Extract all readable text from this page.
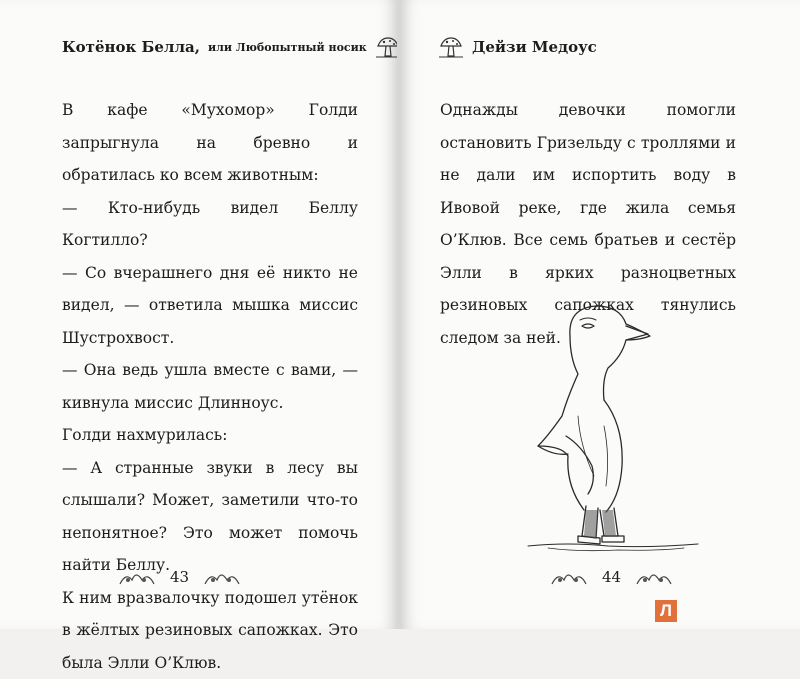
Котёнок Белла, или Любопытный носик

В кафе «Мухомор» Голди запрыгнула на бревно и обратилась ко всем животным:

— Кто-нибудь видел Беллу Когтилло?

— Со вчерашнего дня её никто не видел, — ответила мышка миссис Шустрохвост.

— Она ведь ушла вместе с вами, — кивнула миссис Длинноус.

Голди нахмурилась:

— А странные звуки в лесу вы слышали? Может, заметили что-то непонятное? Это может помочь найти Беллу.

К ним вразвалочку подошел утёнок в жёлтых резиновых сапожках. Это была Элли О’Клюв.

43
Дейзи Медоус

Однажды девочки помогли остановить Гризельду с троллями и не дали им испортить воду в Ивовой реке, где жила семья О’Клюв. Все семь братьев и сестёр Элли в ярких разноцветных резиновых сапожках тянулись следом за ней.

44
Л
